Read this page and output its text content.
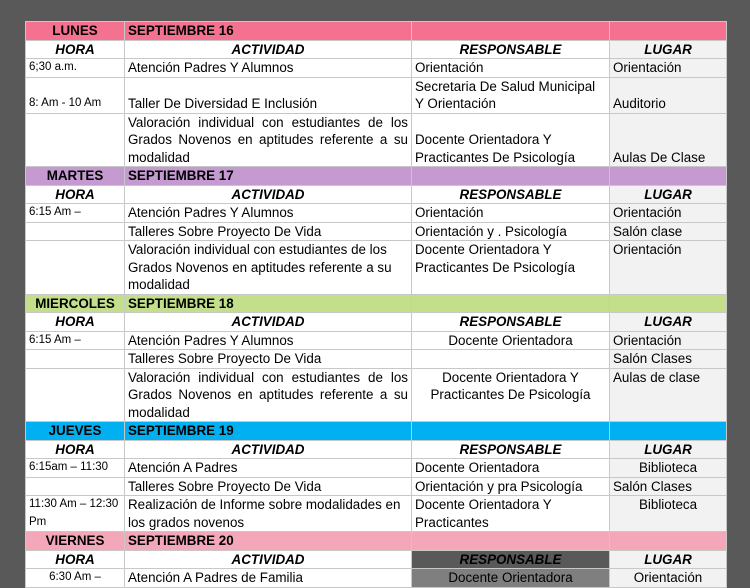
LUNES	SEPTIEMBRE 16		
HORA	ACTIVIDAD	RESPONSABLE	LUGAR
6;30 a.m.	Atención Padres Y Alumnos	Orientación	Orientación
8: Am - 10 Am	Taller De Diversidad E Inclusión	Secretaria De Salud Municipal Y Orientación	Auditorio
	Valoración individual con estudiantes de los Grados Novenos en aptitudes referente a su modalidad	Docente Orientadora Y Practicantes De Psicología	Aulas De Clase
MARTES	SEPTIEMBRE 17		
HORA	ACTIVIDAD	RESPONSABLE	LUGAR
6:15 Am –	Atención Padres Y Alumnos	Orientación	Orientación
	Talleres Sobre Proyecto De Vida	Orientación y . Psicología	Salón clase
	Valoración individual con estudiantes de los Grados Novenos en aptitudes referente a su modalidad	Docente Orientadora Y Practicantes De Psicología	Orientación
MIERCOLES	SEPTIEMBRE 18		
HORA	ACTIVIDAD	RESPONSABLE	LUGAR
6:15 Am –	Atención Padres Y Alumnos	Docente Orientadora	Orientación
	Talleres Sobre Proyecto De Vida		Salón Clases
	Valoración individual con estudiantes de los Grados Novenos en aptitudes referente a su modalidad	Docente Orientadora Y Practicantes De Psicología	Aulas de clase
JUEVES	SEPTIEMBRE 19		
HORA	ACTIVIDAD	RESPONSABLE	LUGAR
6:15am – 11:30	Atención A Padres	Docente Orientadora	Biblioteca
	Talleres Sobre Proyecto De Vida	Orientación y pra Psicología	Salón Clases
11:30 Am – 12:30 Pm	Realización de Informe sobre modalidades en los grados novenos	Docente Orientadora Y Practicantes	Biblioteca
VIERNES	SEPTIEMBRE 20		
HORA	ACTIVIDAD	RESPONSABLE	LUGAR
6:30 Am –	Atención A Padres de Familia	Docente Orientadora	Orientación
